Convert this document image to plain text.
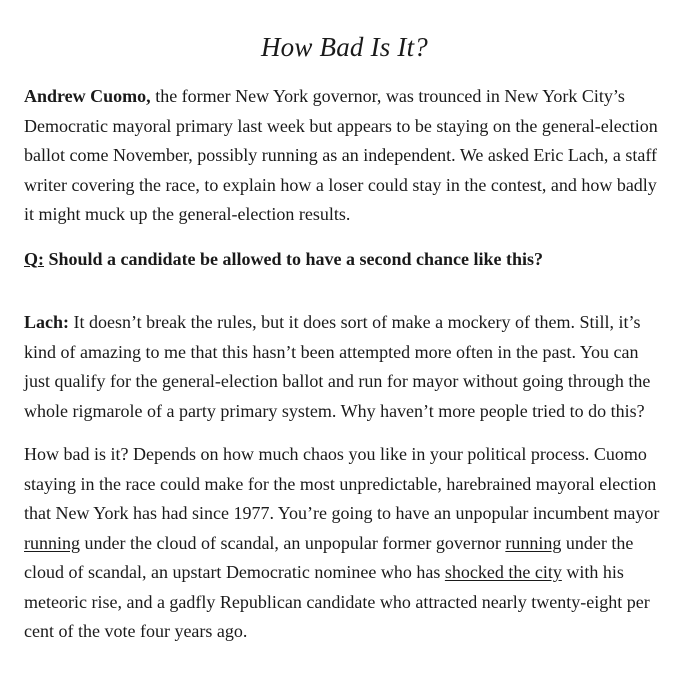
How Bad Is It?

Andrew Cuomo, the former New York governor, was trounced in New York City’s Democratic mayoral primary last week but appears to be staying on the general-election ballot come November, possibly running as an independent. We asked Eric Lach, a staff writer covering the race, to explain how a loser could stay in the contest, and how badly it might muck up the general-election results.

Q: Should a candidate be allowed to have a second chance like this?

Lach: It doesn’t break the rules, but it does sort of make a mockery of them. Still, it’s kind of amazing to me that this hasn’t been attempted more often in the past. You can just qualify for the general-election ballot and run for mayor without going through the whole rigmarole of a party primary system. Why haven’t more people tried to do this?

How bad is it? Depends on how much chaos you like in your political process. Cuomo staying in the race could make for the most unpredictable, harebrained mayoral election that New York has had since 1977. You’re going to have an unpopular incumbent mayor running under the cloud of scandal, an unpopular former governor running under the cloud of scandal, an upstart Democratic nominee who has shocked the city with his meteoric rise, and a gadfly Republican candidate who attracted nearly twenty-eight per cent of the vote four years ago.
